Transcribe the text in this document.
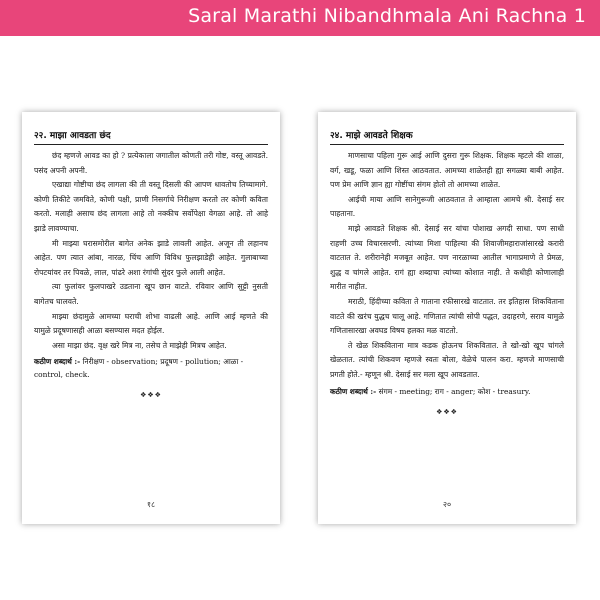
Saral Marathi Nibandhmala Ani Rachna 1
२२. माझा आवडता छंद

छंद म्हणजे आवड का हो ? प्रत्येकाला जगातील कोणती तरी गोष्ट, वस्तू आवडते. पसंद अपनी अपनी.

एखाद्या गोष्टीचा छंद लागला की ती वस्तू दिसली की आपण धावतोच तिच्यामागे. कोणी तिकीटे जमविते, कोणी पक्षी, प्राणी निसर्गाचे निरीक्षण करतो तर कोणी कविता करतो. मलाही असाच छंद लागला आहे तो नक्कीच सर्वोपेक्षा वेगळा आहे. तो आहे झाडे लावण्याचा.

मी माझ्या घरासमोरील बागेत अनेक झाडे लावली आहेत. अजून ती लहानच आहेत. पण त्यात आंबा, नारळ, चिंच आणि विविध फुलझाडेही आहेत. गुलाबाच्या रोपटयांवर तर पिवळे, लाल, पांढरे अशा रंगांची सुंदर फुले आली आहेत.

त्या फुलांवर फुलपाखरे उडताना खूप छान वाटते. रविवार आणि सुट्टी नुसती बागेतच घालवते.

माझ्या छंदामुळे आमच्या घराची शोभा वाढली आहे. आणि आई म्हणते की यामुळे प्रदूषणासही आळा बसण्यास मदत होईल.

असा माझा छंद. वृक्ष खरे मित्र ना, तसेच ते माझेही मित्रच आहेत.

कठीण शब्दार्थ :- निरीक्षण - observation; प्रदूषण - pollution; आळा - control, check.
❖❖❖
१८
२४. माझे आवडते शिक्षक

माणसाचा पहिला गुरू आई आणि दुसरा गुरू शिक्षक. शिक्षक म्हटले की शाळा, वर्ग, खडू, फळा आणि शिस्त आठवतात. आमच्या शाळेतही ह्या सगळ्या बाबी आहेत. पण प्रेम आणि ज्ञान ह्या गोष्टींचा संगम होतो तो आमच्या शाळेत.

आईची माया आणि सानेगुरूजी आठवतात ते आम्हाला आमचे श्री. देसाई सर पाहताना.

माझे आवडते शिक्षक श्री. देसाई सर यांचा पोशाख अगदी साधा. पण साधी राहणी उच्च विचारसरणी. त्यांच्या मिशा पाहिल्या की शिवाजीमहाराजांसारखे करारी वाटतात ते. शरीरानेही मजबूत आहेत. पण नारळाच्या आतील भागाप्रमाणे ते प्रेमळ, शुद्ध व चांगले आहेत. रागं ह्या शब्दाचा त्यांच्या कोशात नाही. ते कधीही कोणालाही मारीत नाहीत.

मराठी, हिंदीच्या कविता ते गाताना रफीसारखे वाटतात. तर इतिहास शिकविताना वाटते की खरंच युद्धच चालू आहे. गणितात त्यांची सोपी पद्धत, उदाहरणे, सराव यामुळे गणितासारखा अवघड विषय हलका मळ वाटतो.

ते खेळ शिकविताना मात्र कडक होऊनच शिकवितात. ते खो-खो खूप चांगले खेळतात. त्यांची शिकवण म्हणजे स्वतः बोला, वेळेचे पालन करा. म्हणजे माणसाची प्रगती होते.- म्हणून श्री. देसाई सर मला खूप आवडतात.

कठीण शब्दार्थ :- संगम - meeting; राग - anger; कोश - treasury.
❖❖❖
२०
